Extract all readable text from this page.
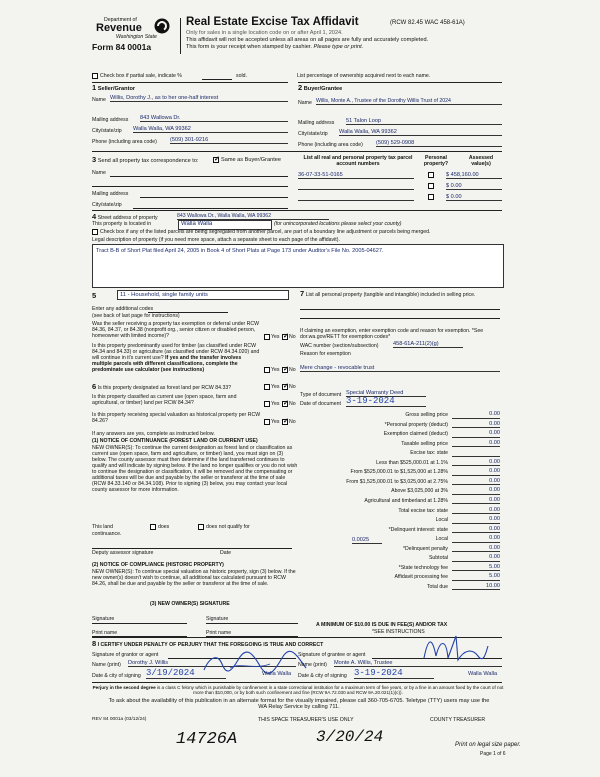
Department of
Revenue
Washington State
Form 84 0001a
Real Estate Excise Tax Affidavit	(RCW 82.45 WAC 458-61A)
Only for sales in a single location code on or after April 1, 2024.
This affidavit will not be accepted unless all areas on all pages are fully and accurately completed.
This form is your receipt when stamped by cashier. Please type or print.
Check box if partial sale, indicate %	sold.	List percentage of ownership acquired next to each name.
1 Seller/Grantor
Name Willis, Dorothy J., as to her one-half interest
Mailing address 843 Wallowa Dr.
City/state/zip Walla Walla, WA 99362
Phone (including area code) (509) 301-9216
2 Buyer/Grantee
Name Willis, Monte A., Trustee of the Dorothy Willis Trust of 2024
Mailing address 51 Talon Loop
City/state/zip Walla Walla, WA 99362
Phone (including area code) (509) 529-0908
3 Send all property tax correspondence to: ✓	Same as Buyer/Grantee
Name
Mailing address
City/state/zip
List all real and personal property tax parcel account numbers
Personal property?
Assessed value(s)
36-07-33-51-0165	$ 458,160.00
$ 0.00
$ 0.00
4 Street address of property	843 Wallowa Dr., Walla Walla, WA 99362
This property is located in	Walla Walla	(for unincorporated locations please select your county)
Check box if any of the listed parcels are being segregated from another parcel, are part of a boundary line adjustment or parcels being merged.
Legal description of property (if you need more space, attach a separate sheet to each page of the affidavit).
Tract B-B of Short Plat filed April 24, 2005 in Book 4 of Short Plats at Page 173 under Auditor's File No. 2005-04627.
5	11 - Household, single family units
Enter any additional codes
(see back of last page for instructions)
Was the seller receiving a property tax exemption or deferral under RCW 84.36, 84.37, or 84.38 (nonprofit org., senior citizen or disabled person, homeowner with limited income)?	Yes ✓ No
Is this property predominantly used for timber (as classified under RCW 84.34 and 84.33) or agriculture (as classified under RCW 84.34.020) and will continue in it's current use? If yes and the transfer involves multiple parcels with different classifications, complete the predominate use calculator (see instructions)	Yes ✓ No
6 Is this property designated as forest land per RCW 84.33?	Yes ✓ No
Is this property classified as current use (open space, farm and agricultural, or timber) land per RCW 84.34?	Yes ✓ No
Is this property receiving special valuation as historical property per RCW 84.26?	Yes ✓ No
If any answers are yes, complete as instructed below.
(1) NOTICE OF CONTINUANCE (FOREST LAND OR CURRENT USE)
NEW OWNER(S): To continue the current designation as forest land or classification as current use (open space, farm and agriculture, or timber) land, you must sign on (3) below. The county assessor must then determine if the land transferred continues to qualify and will indicate by signing below. If the land no longer qualifies or you do not wish to continue the designation or classification, it will be removed and the compensating or additional taxes will be due and payable by the seller or transferor at the time of sale (RCW 84.33.140 or 84.34.108). Prior to signing (3) below, you may contact your local county assessor for more information.
This land	does	does not qualify for
continuance.
Deputy assessor signature	Date
(2) NOTICE OF COMPLIANCE (HISTORIC PROPERTY)
NEW OWNER(S): To continue special valuation as historic property, sign (3) below. If the new owner(s) doesn't wish to continue, all additional tax calculated pursuant to RCW 84.26, shall be due and payable by the seller or transferor at the time of sale.
(3) NEW OWNER(S) SIGNATURE
Signature	Signature
Print name	Print name
7 List all personal property (tangible and intangible) included in selling price.
If claiming an exemption, enter exemption code and reason for exemption. *See dor.wa.gov/RETT for exemption codes*
WAC number (section/subsection)	458-61A-211(2)(g)
Reason for exemption
Mere change - revocable trust
Type of document Special Warranty Deed
Date of document 3-19-2024
Gross selling price	0.00
*Personal property (deduct)	0.00
Exemption claimed (deduct)	0.00
Taxable selling price	0.00
Excise tax: state
Less than $525,000.01 at 1.1%	0.00
From $525,000.01 to $1,525,000 at 1.28%	0.00
From $1,525,000.01 to $3,025,000 at 2.75%	0.00
Above $3,025,000 at 3%	0.00
Agricultural and timberland at 1.28%	0.00
Total excise tax: state	0.00
Local	0.00
*Delinquent interest: state	0.00
Local	0.00
*Delinquent penalty	0.00
Subtotal	0.00
*State technology fee	5.00
Affidavit processing fee	5.00
Total due	10.00
0.0025
A MINIMUM OF $10.00 IS DUE IN FEE(S) AND/OR TAX
*SEE INSTRUCTIONS
8 I CERTIFY UNDER PENALTY OF PERJURY THAT THE FOREGOING IS TRUE AND CORRECT
Signature of grantor or agent
Name (print) Dorothy J. Willis
Date & city of signing 3/19/2024	Walla Walla
Signature of grantee or agent
Name (print) Monte A. Willis, Trustee
Date & city of signing 3-19-2024	Walla Walla
Perjury in the second degree is a class C felony which is punishable by confinement in a state correctional institution for a maximum term of five years, or by a fine in an amount fixed by the court of not more than $10,000, or by both such confinement and fine (RCW 9A.72.030 and RCW 9A.20.021(1)(c)).
To ask about the availability of this publication in an alternate format for the visually impaired, please call 360-705-6705. Teletype (TTY) users may use the WA Relay Service by calling 711.
REV 84 0001a (03/12/24)	THIS SPACE TREASURER'S USE ONLY	COUNTY TREASURER
14726A	3/20/24	Print on legal size paper.
Page 1 of 6
